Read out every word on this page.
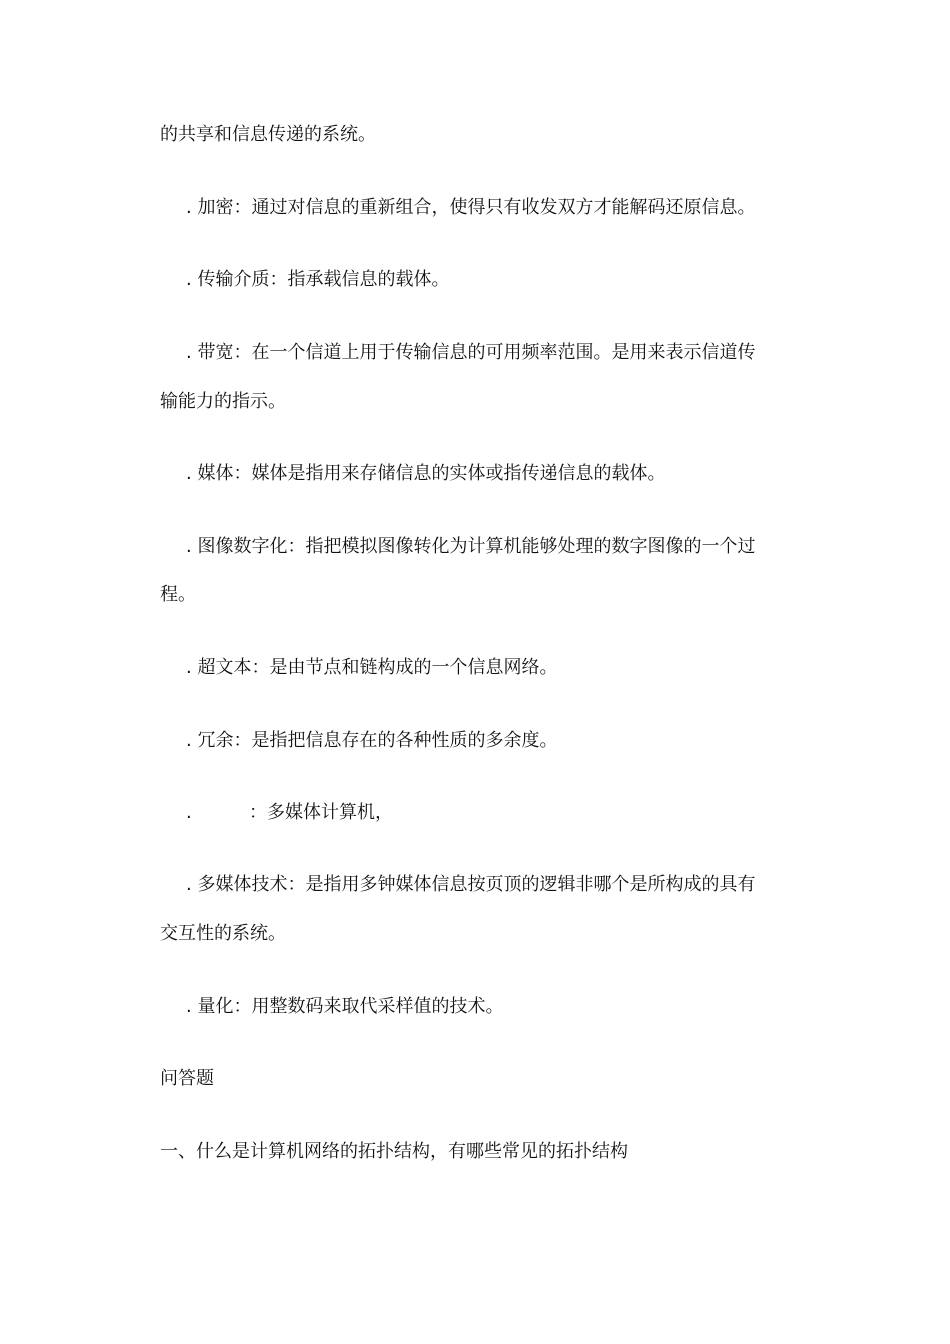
的共享和信息传递的系统。
. 加密：通过对信息的重新组合，使得只有收发双方才能解码还原信息。
. 传输介质：指承载信息的载体。
. 带宽：在一个信道上用于传输信息的可用频率范围。是用来表示信道传
输能力的指示。
. 媒体：媒体是指用来存储信息的实体或指传递信息的载体。
. 图像数字化：指把模拟图像转化为计算机能够处理的数字图像的一个过
程。
. 超文本：是由节点和链构成的一个信息网络。
. 冗余：是指把信息存在的各种性质的多余度。
.          ：多媒体计算机，
. 多媒体技术：是指用多钟媒体信息按页顶的逻辑非哪个是所构成的具有
交互性的系统。
. 量化：用整数码来取代采样值的技术。
问答题
一、什么是计算机网络的拓扑结构，有哪些常见的拓扑结构
